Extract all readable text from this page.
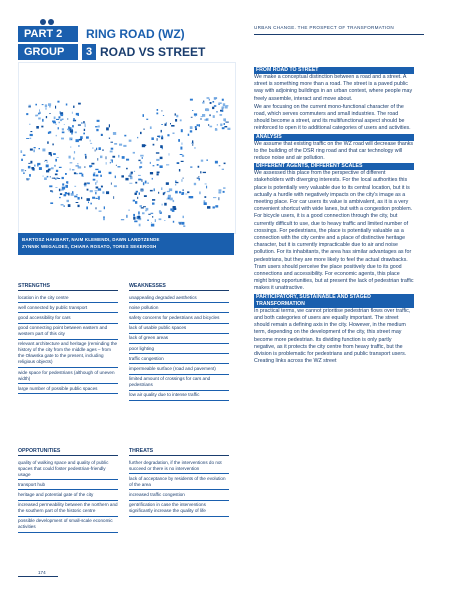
PART 2	RING ROAD (WZ)
GROUP	3 ROAD VS STREET
BARTOSZ HAKBART, NAIM KLEMENDI, DAWN LANDTZENDE
ZYNNIK WEGALDES, CHIARA ROSATO, TORES SEKEROSH
URBAN CHANGE. THE PROSPECT OF TRANSFORMATION
FROM ROAD TO STREET

We make a conceptual distinction between a road and a street. A street is something more than a road. The street is a paved public way with adjoining buildings in an urban context, where people may freely assemble, interact and move about.

We are focusing on the current mono-functional character of the road, which serves commuters and small industries. The road should become a street, and its multifunctional aspect should be reinforced to open it to additional categories of users and activities.

ANALYSIS

We assume that existing traffic on the WZ road will decrease thanks to the building of the DSR ring road and that car technology will reduce noise and air pollution.

DIFFERENT AGENTS, DIFFERENT SCALES

We assessed this place from the perspective of different stakeholders with diverging interests. For the local authorities this place is potentially very valuable due to its central location, but it is actually a hurdle with negatively impacts on the city's image as a meeting place. For car users its value is ambivalent, as it is a very convenient shortcut with wide lanes, but with a congestion problem. For bicycle users, it is a good connection through the city, but currently difficult to use, due to heavy traffic and limited number of crossings. For pedestrians, the place is potentially valuable as a connection with the city centre and a place of distinctive heritage character, but it is currently impracticable due to air and noise pollution. For its inhabitants, the area has similar advantages as for pedestrians, but they are more likely to feel the actual drawbacks. Tram users should perceive the place positively due to its good connections and accessibility. For economic agents, this place might bring opportunities, but at present the lack of pedestrian traffic makes it unattractive.

PARTICIPATORY, SUSTAINABLE AND STAGED TRANSFORMATION

In practical terms, we cannot prioritise pedestrian flows over traffic, and both categories of users are equally important. The street should remain a defining axis in the city. However, in the medium term, depending on the development of the city, this street may become more pedestrian. Its dividing function is only partly negative, as it protects the city centre from heavy traffic, but the division is problematic for pedestrians and public transport users. Creating links across the WZ street

STRENGTHS
location in the city centre
well connected by public transport
good accessibility for cars
good connecting point between eastern and western part of this city
relevant architecture and heritage (reminding the history of the city from the middle ages – from the Oławska gate to the present, including religious objects)
wide space for pedestrians (although of uneven width)
large number of possible public spaces
WEAKNESSES
unappealing degraded aesthetics
noise pollution
safety concerns for pedestrians and bicycles
lack of usable public spaces
lack of green areas
poor lighting
traffic congestion
impermeable surface (road and pavement)
limited amount of crossings for cars and pedestrians
low air quality due to intense traffic
OPPORTUNITIES
quality of walking space and quality of public spaces that could foster pedestrian-friendly usage
transport hub
heritage and potential gate of the city
increased permeability between the northern and the southern part of the historic centre
possible development of small-scale economic activities
THREATS
further degradation, if the interventions do not succeed or there is no intervention
lack of acceptance by residents of the evolution of the area
increased traffic congestion
gentrification in case the interventions significantly increase the quality of life
174
